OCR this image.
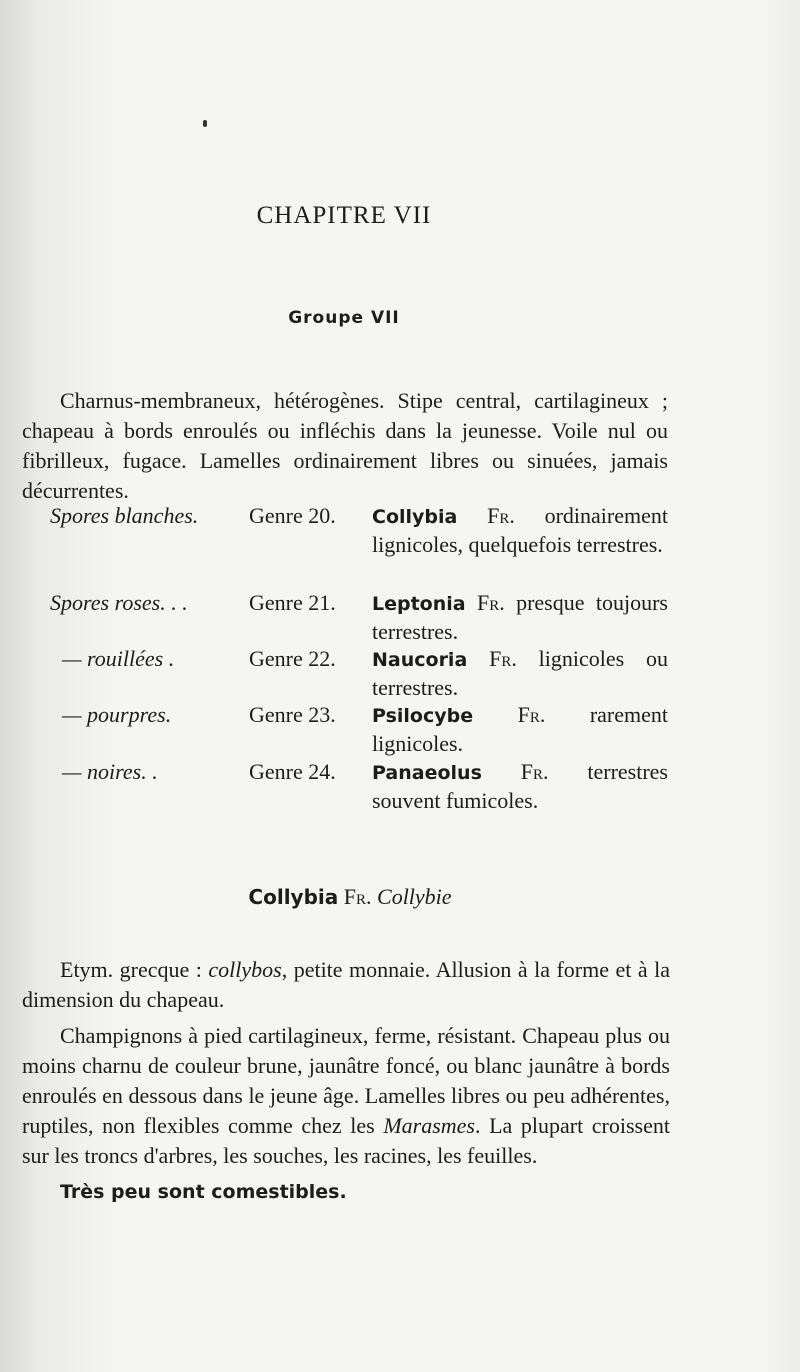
CHAPITRE VII
Groupe VII

Charnus-membraneux, hétérogènes. Stipe central, cartilagineux ; chapeau à bords enroulés ou infléchis dans la jeunesse. Voile nul ou fibrilleux, fugace. Lamelles ordinairement libres ou sinuées, jamais décurrentes.

Spores blanches. Genre 20. Collybia Fr. ordinairement lignicoles, quelquefois terrestres.
Spores roses. . .	Genre 21. Leptonia Fr. presque toujours terrestres.
— rouillées .	Genre 22. Naucoria Fr. lignicoles ou terrestres.
— pourpres.	Genre 23. Psilocybe Fr. rarement lignicoles.
— noires. .	Genre 24. Panaeolus Fr. terrestres souvent fumicoles.
Collybia Fr. Collybie

Etym. grecque : collybos, petite monnaie. Allusion à la forme et à la dimension du chapeau.

Champignons à pied cartilagineux, ferme, résistant. Chapeau plus ou moins charnu de couleur brune, jaunâtre foncé, ou blanc jaunâtre à bords enroulés en dessous dans le jeune âge. Lamelles libres ou peu adhérentes, ruptiles, non flexibles comme chez les Marasmes. La plupart croissent sur les troncs d'arbres, les souches, les racines, les feuilles.

Très peu sont comestibles.
